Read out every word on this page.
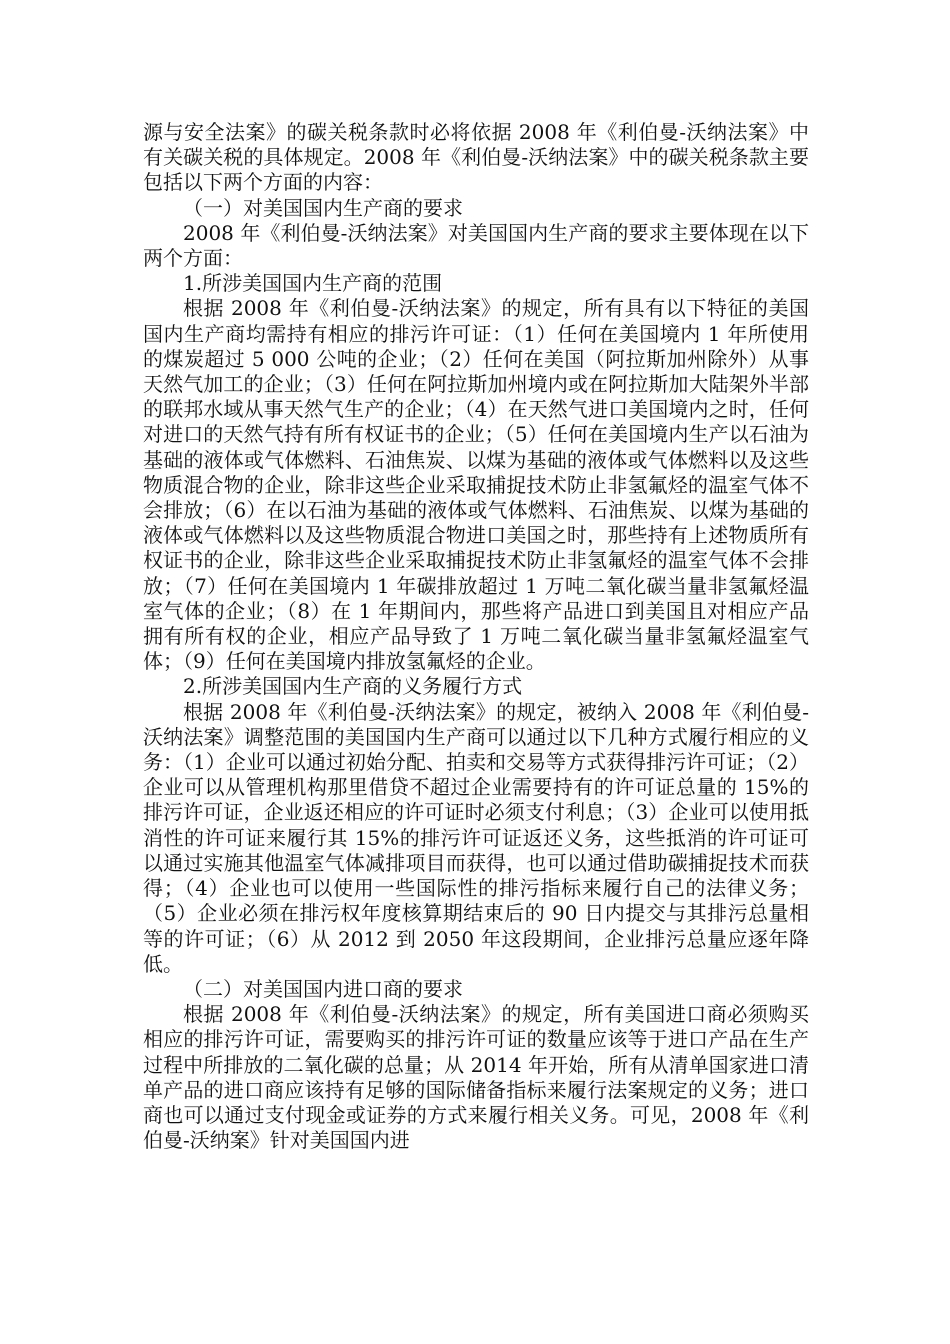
源与安全法案》的碳关税条款时必将依据 2008 年《利伯曼-沃纳法案》中有关碳关税的具体规定。2008 年《利伯曼-沃纳法案》中的碳关税条款主要包括以下两个方面的内容：

（一）对美国国内生产商的要求

2008 年《利伯曼-沃纳法案》对美国国内生产商的要求主要体现在以下两个方面：

1.所涉美国国内生产商的范围

根据 2008 年《利伯曼-沃纳法案》的规定，所有具有以下特征的美国国内生产商均需持有相应的排污许可证：（1）任何在美国境内 1 年所使用的煤炭超过 5 000 公吨的企业；（2）任何在美国（阿拉斯加州除外）从事天然气加工的企业；（3）任何在阿拉斯加州境内或在阿拉斯加大陆架外半部的联邦水域从事天然气生产的企业；（4）在天然气进口美国境内之时，任何对进口的天然气持有所有权证书的企业；（5）任何在美国境内生产以石油为基础的液体或气体燃料、石油焦炭、以煤为基础的液体或气体燃料以及这些物质混合物的企业，除非这些企业采取捕捉技术防止非氢氟烃的温室气体不会排放；（6）在以石油为基础的液体或气体燃料、石油焦炭、以煤为基础的液体或气体燃料以及这些物质混合物进口美国之时，那些持有上述物质所有权证书的企业，除非这些企业采取捕捉技术防止非氢氟烃的温室气体不会排放；（7）任何在美国境内 1 年碳排放超过 1 万吨二氧化碳当量非氢氟烃温室气体的企业；（8）在 1 年期间内，那些将产品进口到美国且对相应产品拥有所有权的企业，相应产品导致了 1 万吨二氧化碳当量非氢氟烃温室气体；（9）任何在美国境内排放氢氟烃的企业。

2.所涉美国国内生产商的义务履行方式

根据 2008 年《利伯曼-沃纳法案》的规定，被纳入 2008 年《利伯曼-沃纳法案》调整范围的美国国内生产商可以通过以下几种方式履行相应的义务：（1）企业可以通过初始分配、拍卖和交易等方式获得排污许可证；（2）企业可以从管理机构那里借贷不超过企业需要持有的许可证总量的 15%的排污许可证，企业返还相应的许可证时必须支付利息；（3）企业可以使用抵消性的许可证来履行其 15%的排污许可证返还义务，这些抵消的许可证可以通过实施其他温室气体减排项目而获得，也可以通过借助碳捕捉技术而获得；（4）企业也可以使用一些国际性的排污指标来履行自己的法律义务；（5）企业必须在排污权年度核算期结束后的 90 日内提交与其排污总量相等的许可证；（6）从 2012 到 2050 年这段期间，企业排污总量应逐年降低。

（二）对美国国内进口商的要求

根据 2008 年《利伯曼-沃纳法案》的规定，所有美国进口商必须购买相应的排污许可证，需要购买的排污许可证的数量应该等于进口产品在生产过程中所排放的二氧化碳的总量；从 2014 年开始，所有从清单国家进口清单产品的进口商应该持有足够的国际储备指标来履行法案规定的义务；进口商也可以通过支付现金或证券的方式来履行相关义务。可见，2008 年《利伯曼-沃纳案》针对美国国内进
